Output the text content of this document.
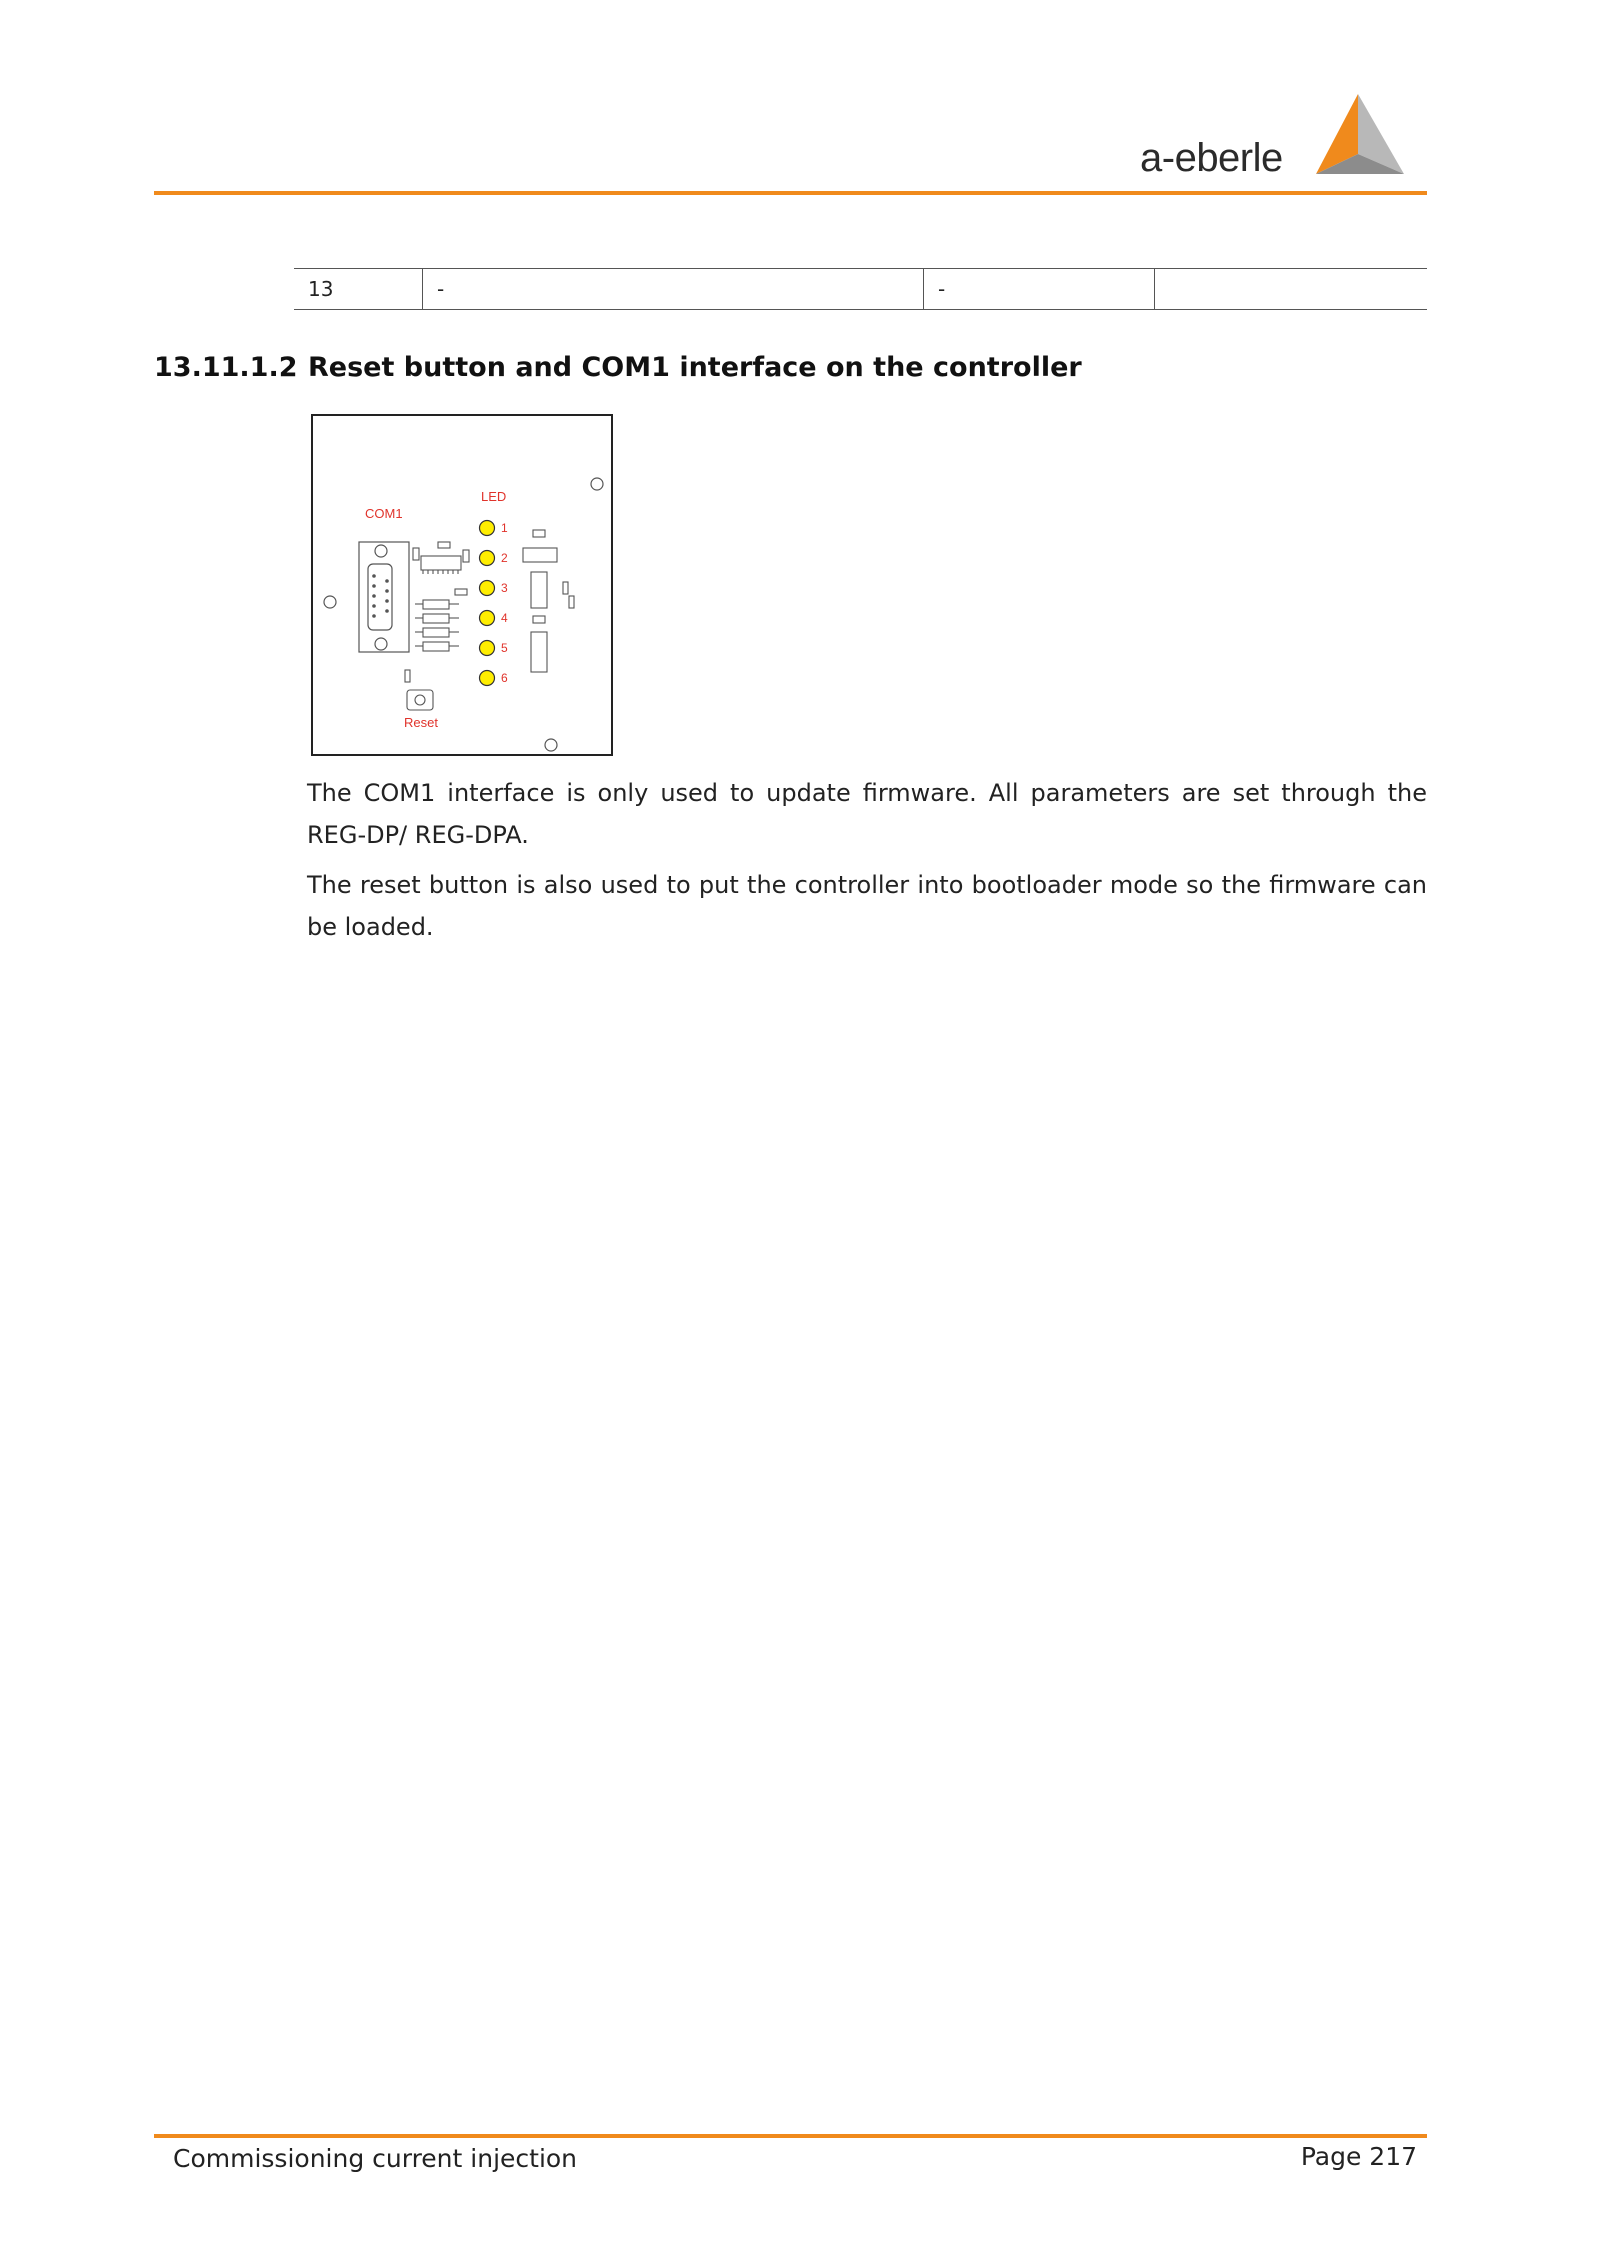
a-eberle
13	-	-	
13.11.1.2 Reset button and COM1 interface on the controller
COM1
LED
1
2
3
4
5
6
Reset

The COM1 interface is only used to update firmware. All parameters are set through the REG-DP/ REG-DPA.

The reset button is also used to put the controller into bootloader mode so the firmware can be loaded.

Commissioning current injection	Page 217
